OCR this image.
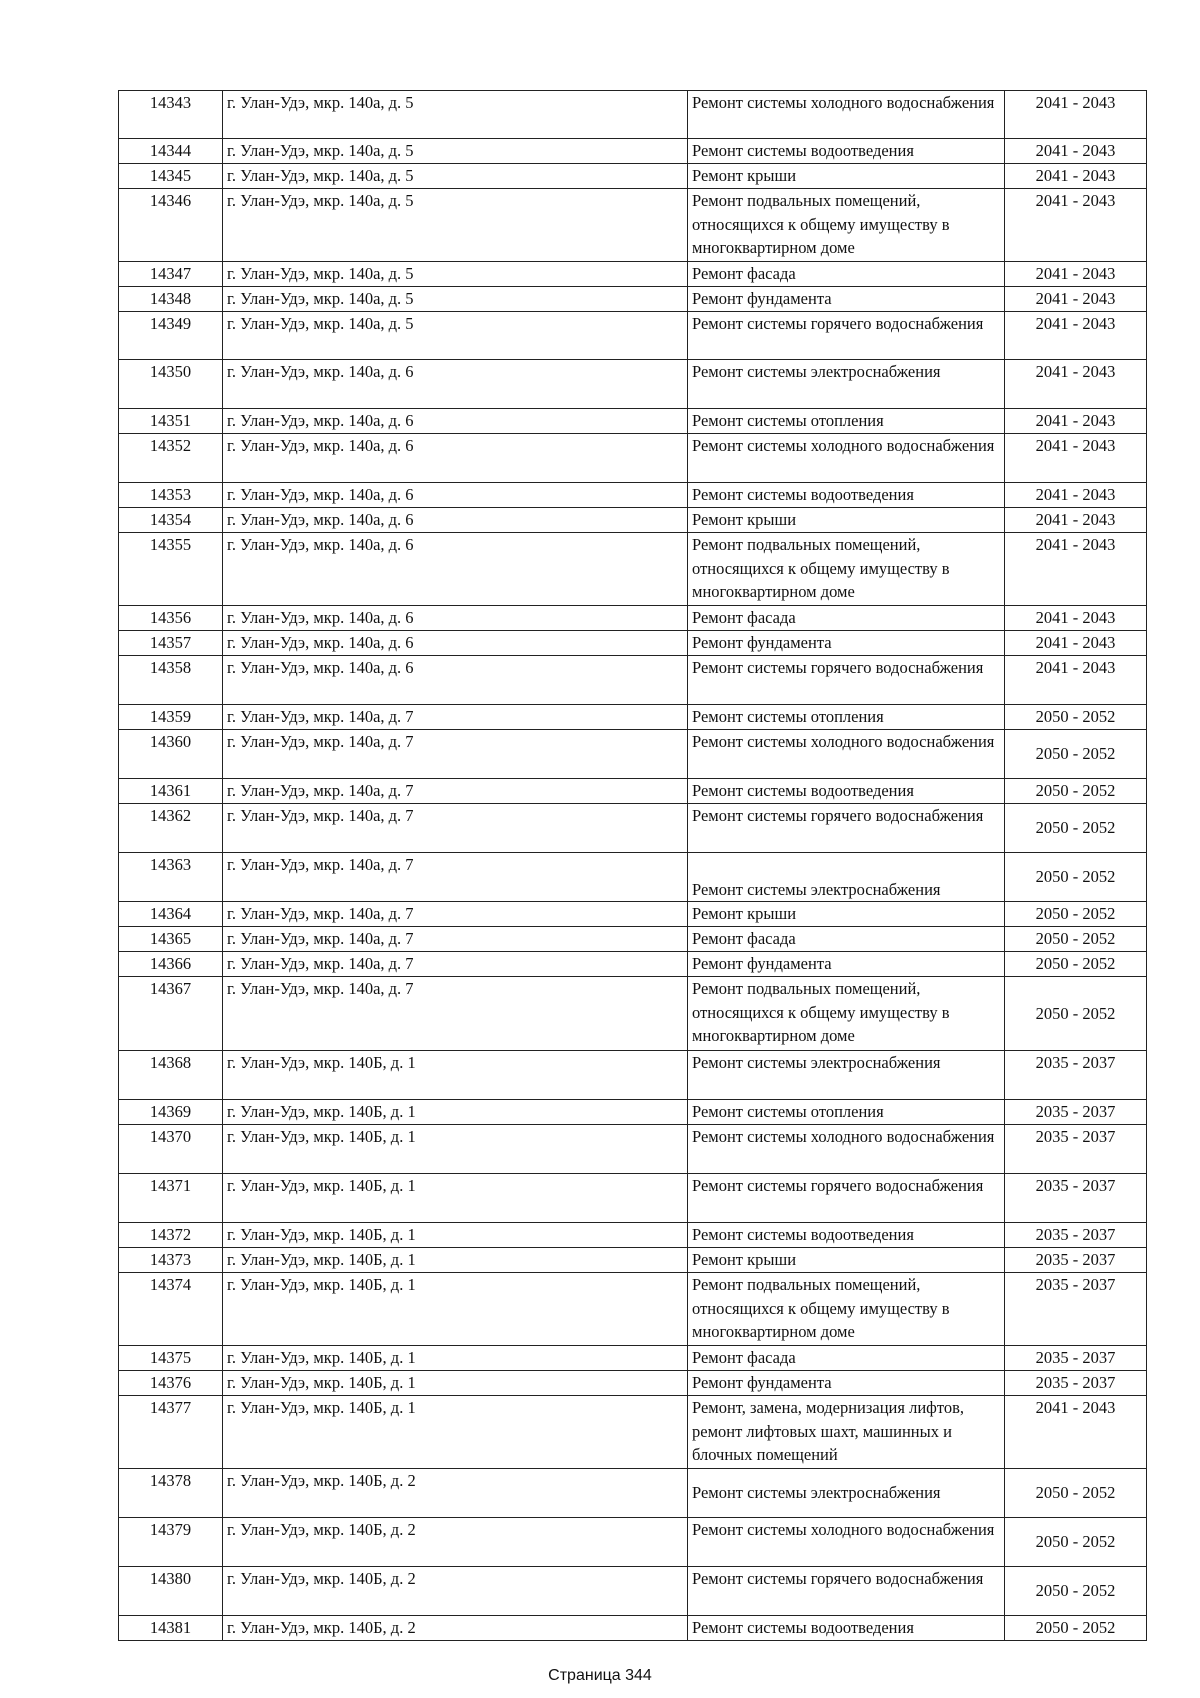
14343	г. Улан-Удэ, мкр. 140а, д. 5	Ремонт системы холодного водоснабжения	2041 - 2043
14344	г. Улан-Удэ, мкр. 140а, д. 5	Ремонт системы водоотведения	2041 - 2043
14345	г. Улан-Удэ, мкр. 140а, д. 5	Ремонт крыши	2041 - 2043
14346	г. Улан-Удэ, мкр. 140а, д. 5	Ремонт подвальных помещений, относящихся к общему имуществу в многоквартирном доме	2041 - 2043
14347	г. Улан-Удэ, мкр. 140а, д. 5	Ремонт фасада	2041 - 2043
14348	г. Улан-Удэ, мкр. 140а, д. 5	Ремонт фундамента	2041 - 2043
14349	г. Улан-Удэ, мкр. 140а, д. 5	Ремонт системы горячего водоснабжения	2041 - 2043
14350	г. Улан-Удэ, мкр. 140а, д. 6	Ремонт системы электроснабжения	2041 - 2043
14351	г. Улан-Удэ, мкр. 140а, д. 6	Ремонт системы отопления	2041 - 2043
14352	г. Улан-Удэ, мкр. 140а, д. 6	Ремонт системы холодного водоснабжения	2041 - 2043
14353	г. Улан-Удэ, мкр. 140а, д. 6	Ремонт системы водоотведения	2041 - 2043
14354	г. Улан-Удэ, мкр. 140а, д. 6	Ремонт крыши	2041 - 2043
14355	г. Улан-Удэ, мкр. 140а, д. 6	Ремонт подвальных помещений, относящихся к общему имуществу в многоквартирном доме	2041 - 2043
14356	г. Улан-Удэ, мкр. 140а, д. 6	Ремонт фасада	2041 - 2043
14357	г. Улан-Удэ, мкр. 140а, д. 6	Ремонт фундамента	2041 - 2043
14358	г. Улан-Удэ, мкр. 140а, д. 6	Ремонт системы горячего водоснабжения	2041 - 2043
14359	г. Улан-Удэ, мкр. 140а, д. 7	Ремонт системы отопления	2050 - 2052
14360	г. Улан-Удэ, мкр. 140а, д. 7	Ремонт системы холодного водоснабжения	2050 - 2052
14361	г. Улан-Удэ, мкр. 140а, д. 7	Ремонт системы водоотведения	2050 - 2052
14362	г. Улан-Удэ, мкр. 140а, д. 7	Ремонт системы горячего водоснабжения	2050 - 2052
14363	г. Улан-Удэ, мкр. 140а, д. 7	Ремонт системы электроснабжения	2050 - 2052
14364	г. Улан-Удэ, мкр. 140а, д. 7	Ремонт крыши	2050 - 2052
14365	г. Улан-Удэ, мкр. 140а, д. 7	Ремонт фасада	2050 - 2052
14366	г. Улан-Удэ, мкр. 140а, д. 7	Ремонт фундамента	2050 - 2052
14367	г. Улан-Удэ, мкр. 140а, д. 7	Ремонт подвальных помещений, относящихся к общему имуществу в многоквартирном доме	2050 - 2052
14368	г. Улан-Удэ, мкр. 140Б, д. 1	Ремонт системы электроснабжения	2035 - 2037
14369	г. Улан-Удэ, мкр. 140Б, д. 1	Ремонт системы отопления	2035 - 2037
14370	г. Улан-Удэ, мкр. 140Б, д. 1	Ремонт системы холодного водоснабжения	2035 - 2037
14371	г. Улан-Удэ, мкр. 140Б, д. 1	Ремонт системы горячего водоснабжения	2035 - 2037
14372	г. Улан-Удэ, мкр. 140Б, д. 1	Ремонт системы водоотведения	2035 - 2037
14373	г. Улан-Удэ, мкр. 140Б, д. 1	Ремонт крыши	2035 - 2037
14374	г. Улан-Удэ, мкр. 140Б, д. 1	Ремонт подвальных помещений, относящихся к общему имуществу в многоквартирном доме	2035 - 2037
14375	г. Улан-Удэ, мкр. 140Б, д. 1	Ремонт фасада	2035 - 2037
14376	г. Улан-Удэ, мкр. 140Б, д. 1	Ремонт фундамента	2035 - 2037
14377	г. Улан-Удэ, мкр. 140Б, д. 1	Ремонт, замена, модернизация лифтов, ремонт лифтовых шахт, машинных и блочных помещений	2041 - 2043
14378	г. Улан-Удэ, мкр. 140Б, д. 2	Ремонт системы электроснабжения	2050 - 2052
14379	г. Улан-Удэ, мкр. 140Б, д. 2	Ремонт системы холодного водоснабжения	2050 - 2052
14380	г. Улан-Удэ, мкр. 140Б, д. 2	Ремонт системы горячего водоснабжения	2050 - 2052
14381	г. Улан-Удэ, мкр. 140Б, д. 2	Ремонт системы водоотведения	2050 - 2052
Страница 344
